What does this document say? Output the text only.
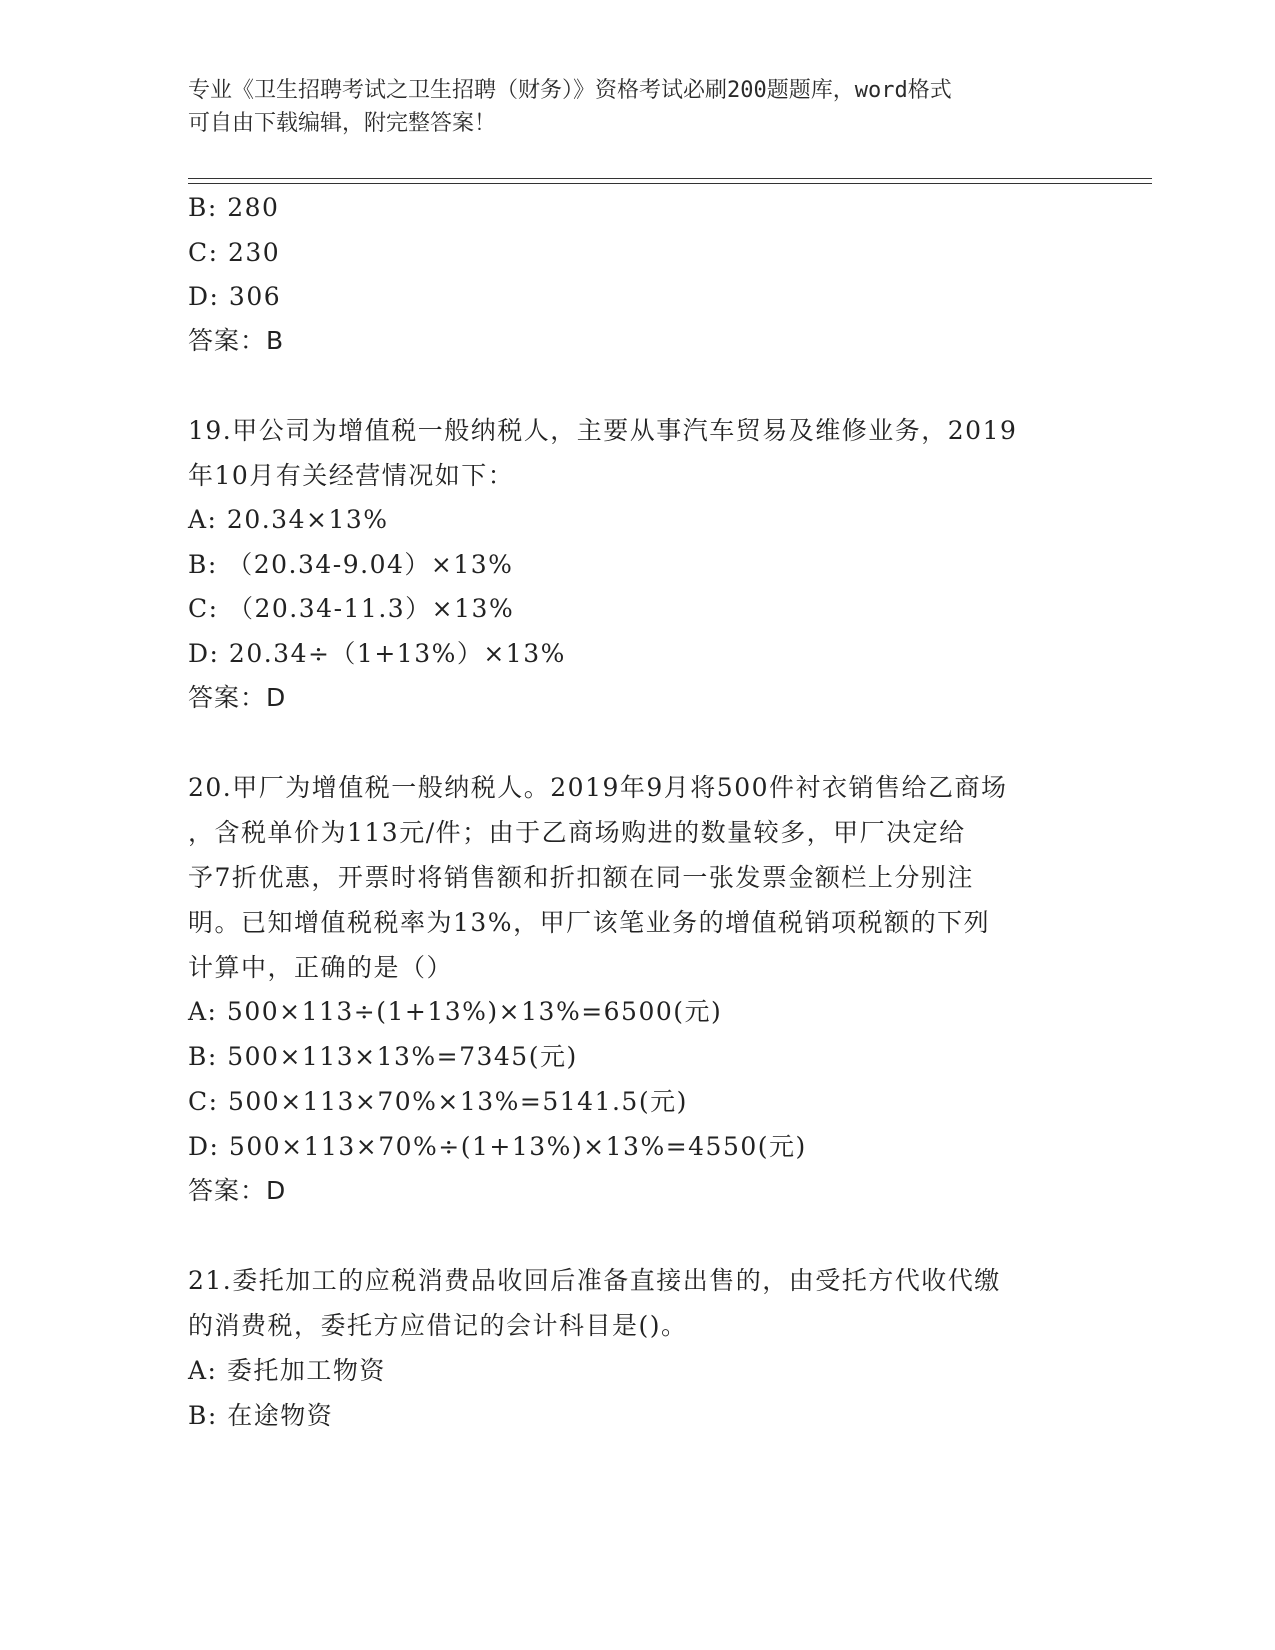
专业《卫生招聘考试之卫生招聘（财务）》资格考试必刷200题题库，word格式
可自由下载编辑，附完整答案！
B: 280
C: 230
D: 306
答案：B
19.甲公司为增值税一般纳税人，主要从事汽车贸易及维修业务，2019
年10月有关经营情况如下：
A: 20.34×13%
B: （20.34-9.04）×13%
C: （20.34-11.3）×13%
D: 20.34÷（1+13%）×13%
答案：D
20.甲厂为增值税一般纳税人。2019年9月将500件衬衣销售给乙商场
，含税单价为113元/件；由于乙商场购进的数量较多，甲厂决定给
予7折优惠，开票时将销售额和折扣额在同一张发票金额栏上分别注
明。已知增值税税率为13%，甲厂该笔业务的增值税销项税额的下列
计算中，正确的是（）
A: 500×113÷(1+13%)×13%=6500(元)
B: 500×113×13%=7345(元)
C: 500×113×70%×13%=5141.5(元)
D: 500×113×70%÷(1+13%)×13%=4550(元)
答案：D
21.委托加工的应税消费品收回后准备直接出售的，由受托方代收代缴
的消费税，委托方应借记的会计科目是()。
A: 委托加工物资
B: 在途物资
